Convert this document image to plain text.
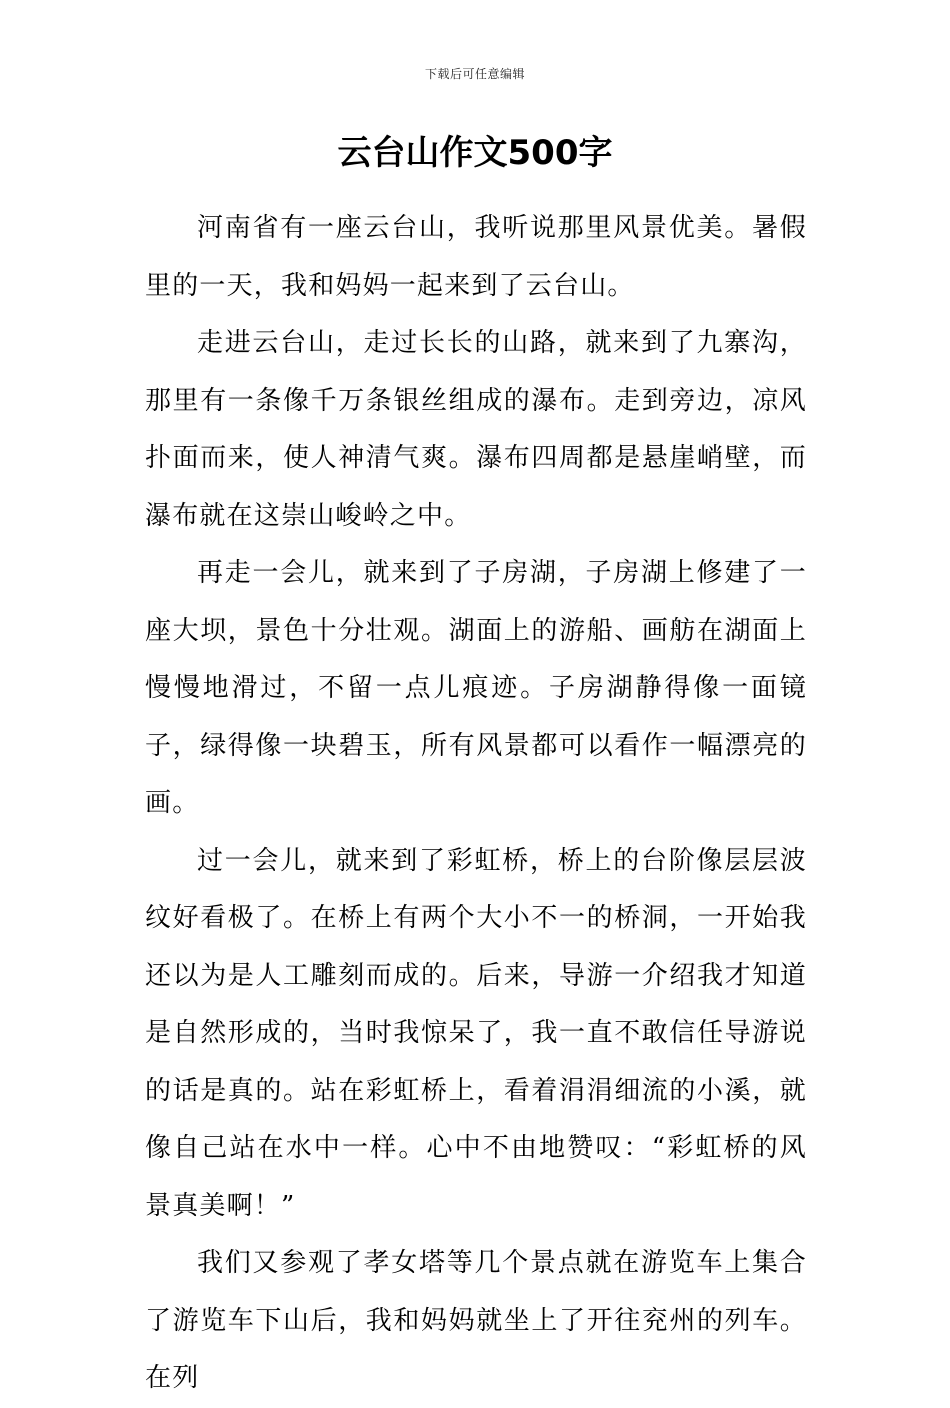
下载后可任意编辑
云台山作文500字

河南省有一座云台山，我听说那里风景优美。暑假里的一天，我和妈妈一起来到了云台山。

走进云台山，走过长长的山路，就来到了九寨沟，那里有一条像千万条银丝组成的瀑布。走到旁边，凉风扑面而来，使人神清气爽。瀑布四周都是悬崖峭壁，而瀑布就在这崇山峻岭之中。

再走一会儿，就来到了子房湖，子房湖上修建了一座大坝，景色十分壮观。湖面上的游船、画舫在湖面上慢慢地滑过，不留一点儿痕迹。子房湖静得像一面镜子，绿得像一块碧玉，所有风景都可以看作一幅漂亮的画。

过一会儿，就来到了彩虹桥，桥上的台阶像层层波纹好看极了。在桥上有两个大小不一的桥洞，一开始我还以为是人工雕刻而成的。后来，导游一介绍我才知道是自然形成的，当时我惊呆了，我一直不敢信任导游说的话是真的。站在彩虹桥上，看着涓涓细流的小溪，就像自己站在水中一样。心中不由地赞叹：“彩虹桥的风景真美啊！”

我们又参观了孝女塔等几个景点就在游览车上集合了游览车下山后，我和妈妈就坐上了开往兖州的列车。在列
